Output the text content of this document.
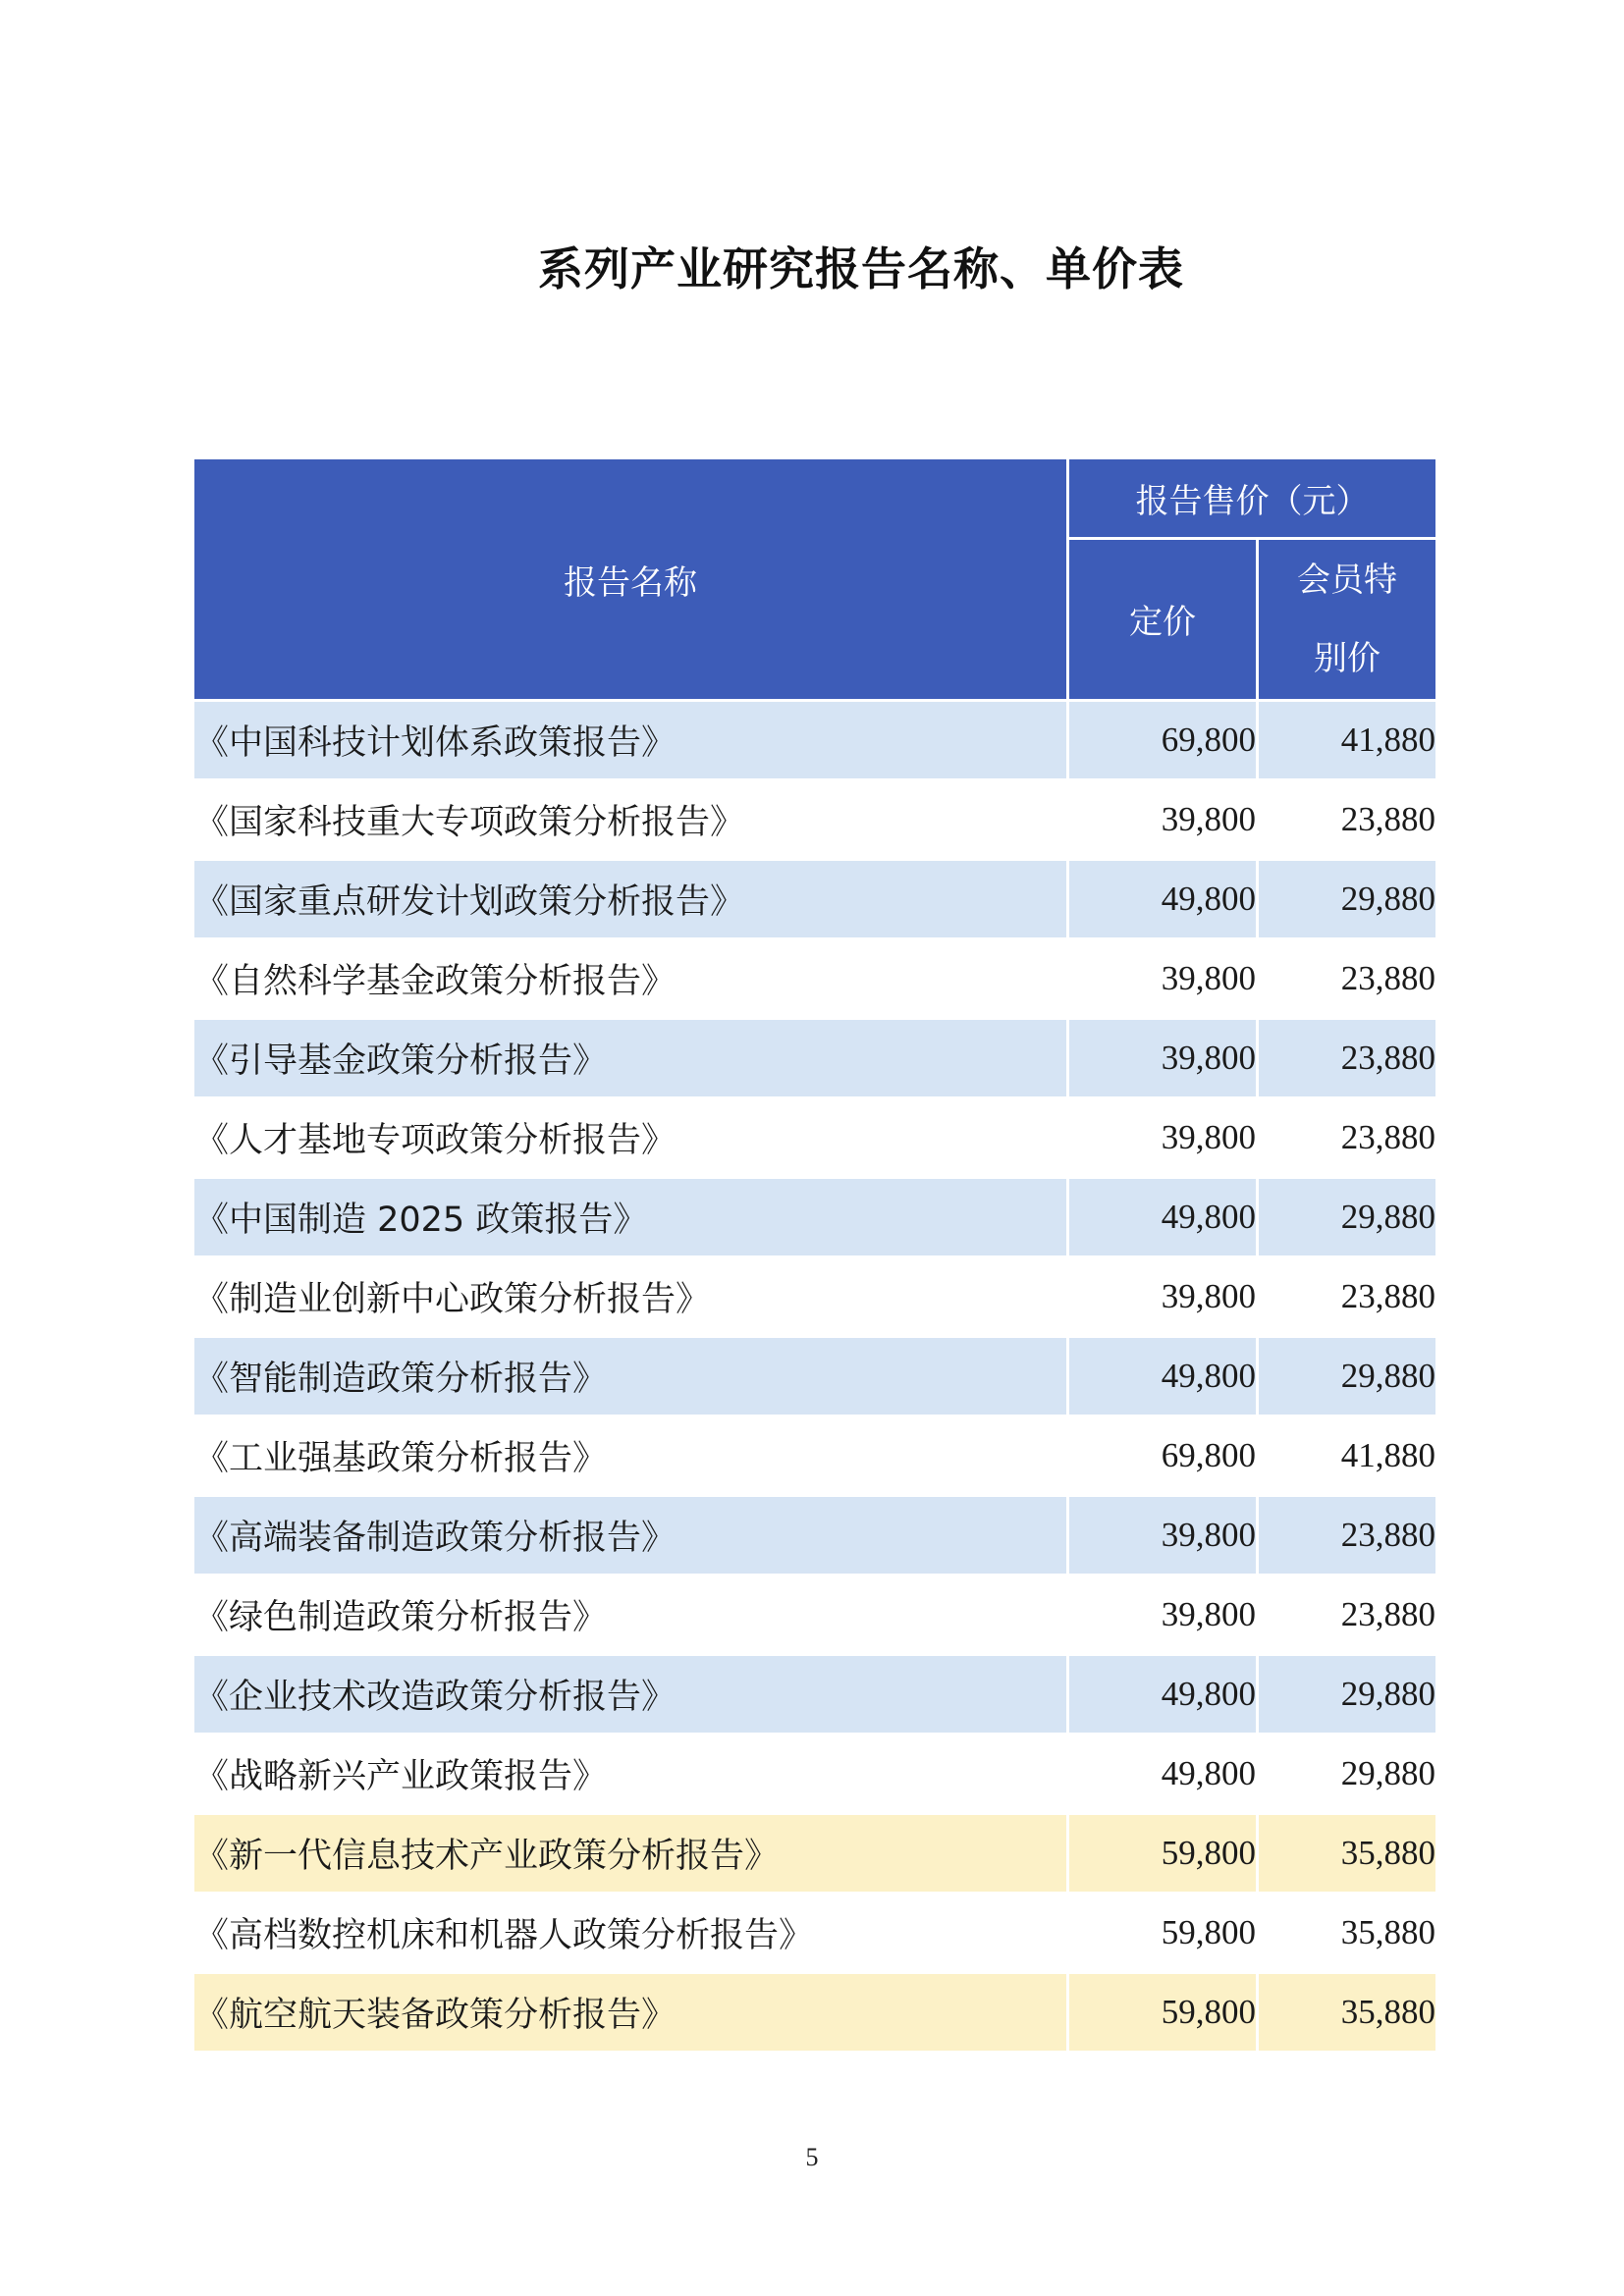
系列产业研究报告名称、单价表
报告名称	报告售价（元）	
	定价	会员特
别价
《中国科技计划体系政策报告》	69,800	41,880
《国家科技重大专项政策分析报告》	39,800	23,880
《国家重点研发计划政策分析报告》	49,800	29,880
《自然科学基金政策分析报告》	39,800	23,880
《引导基金政策分析报告》	39,800	23,880
《人才基地专项政策分析报告》	39,800	23,880
《中国制造 2025 政策报告》	49,800	29,880
《制造业创新中心政策分析报告》	39,800	23,880
《智能制造政策分析报告》	49,800	29,880
《工业强基政策分析报告》	69,800	41,880
《高端装备制造政策分析报告》	39,800	23,880
《绿色制造政策分析报告》	39,800	23,880
《企业技术改造政策分析报告》	49,800	29,880
《战略新兴产业政策报告》	49,800	29,880
《新一代信息技术产业政策分析报告》	59,800	35,880
《高档数控机床和机器人政策分析报告》	59,800	35,880
《航空航天装备政策分析报告》	59,800	35,880
5
